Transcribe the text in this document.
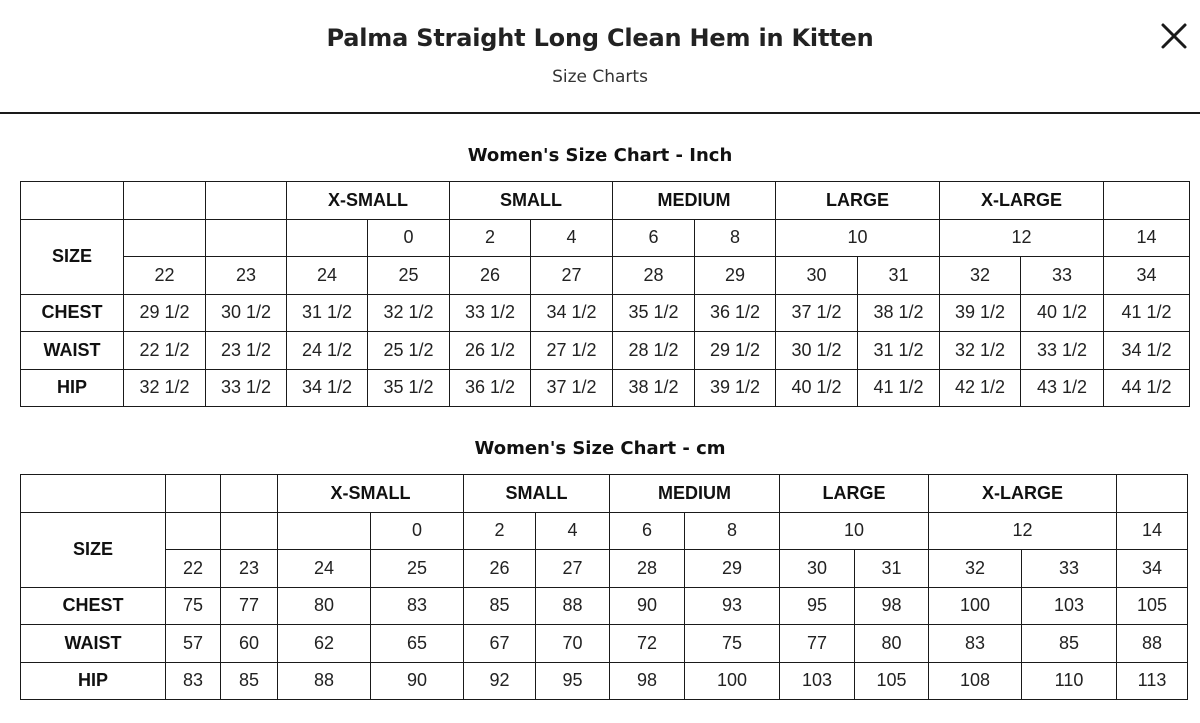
Palma Straight Long Clean Hem in Kitten
Size Charts
Women's Size Chart - Inch
			X-SMALL		SMALL		MEDIUM		LARGE		X-LARGE		
SIZE				0	2	4	6	8	10		12		14
	22	23	24	25	26	27	28	29	30	31	32	33	34
CHEST	29 1/2	30 1/2	31 1/2	32 1/2	33 1/2	34 1/2	35 1/2	36 1/2	37 1/2	38 1/2	39 1/2	40 1/2	41 1/2
WAIST	22 1/2	23 1/2	24 1/2	25 1/2	26 1/2	27 1/2	28 1/2	29 1/2	30 1/2	31 1/2	32 1/2	33 1/2	34 1/2
HIP	32 1/2	33 1/2	34 1/2	35 1/2	36 1/2	37 1/2	38 1/2	39 1/2	40 1/2	41 1/2	42 1/2	43 1/2	44 1/2
Women's Size Chart - cm
			X-SMALL		SMALL		MEDIUM		LARGE		X-LARGE		
SIZE				0	2	4	6	8	10		12		14
	22	23	24	25	26	27	28	29	30	31	32	33	34
CHEST	75	77	80	83	85	88	90	93	95	98	100	103	105
WAIST	57	60	62	65	67	70	72	75	77	80	83	85	88
HIP	83	85	88	90	92	95	98	100	103	105	108	110	113
